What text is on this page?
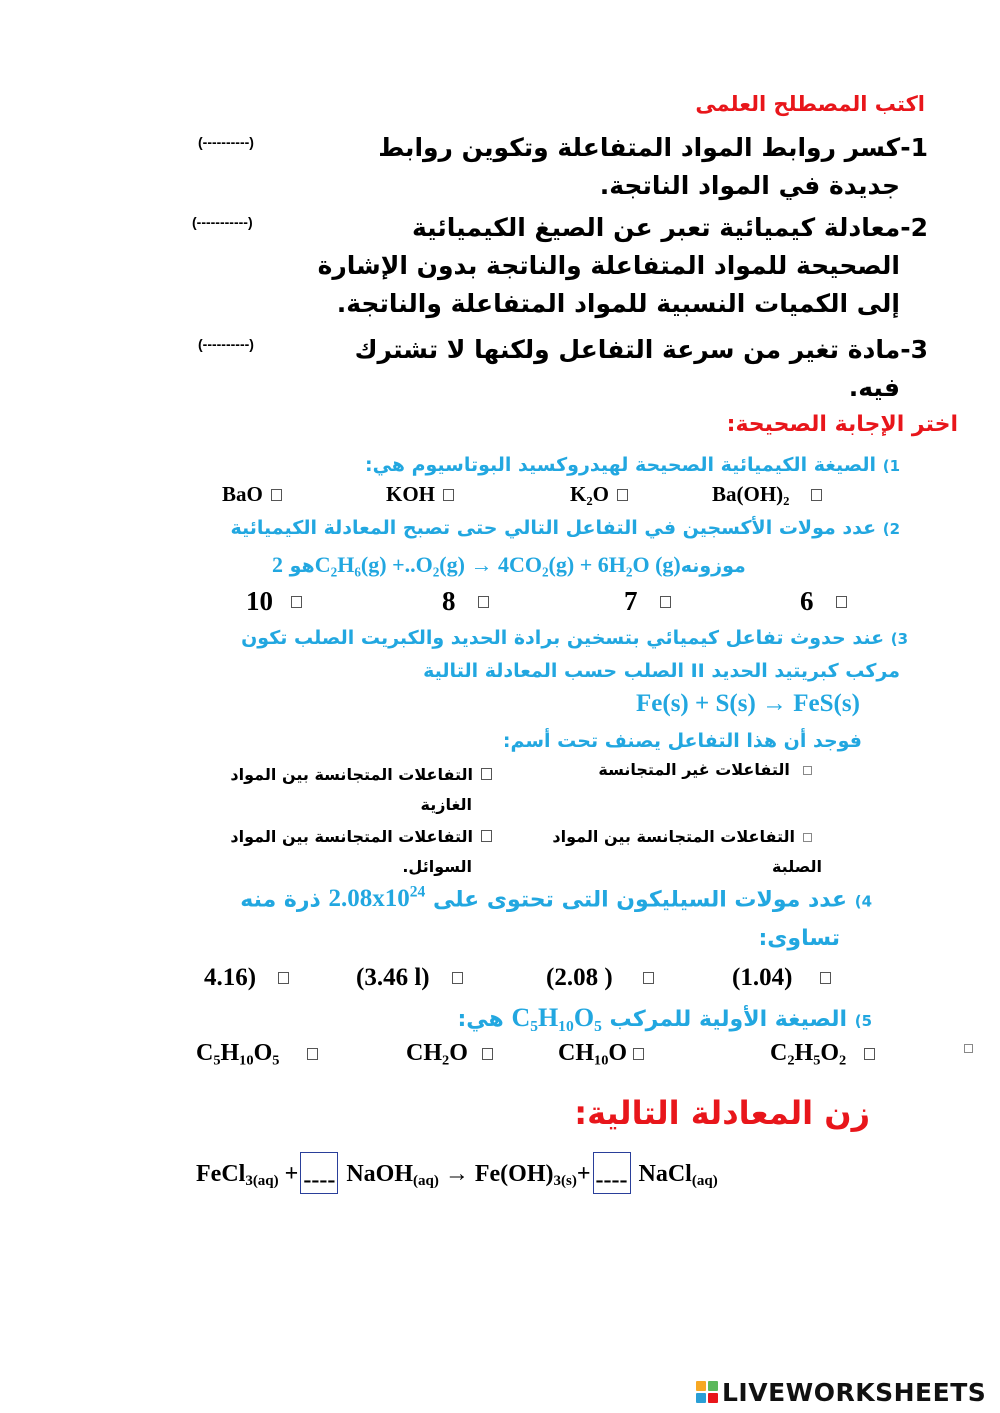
اكتب المصطلح العلمى
1-كسر روابط المواد المتفاعلة وتكوين روابط
جديدة في المواد الناتجة.
(----------)
2-معادلة كيميائية تعبر عن الصيغ الكيميائية
الصحيحة للمواد المتفاعلة والناتجة بدون الإشارة
إلى الكميات النسبية للمواد المتفاعلة والناتجة.
(-----------)
3-مادة تغير من سرعة التفاعل ولكنها لا تشترك
فيه.
(----------)
اختر الإجابة الصحيحة:
1) الصيغة الكيميائية الصحيحة لهيدروكسيد البوتاسيوم هي:
BaO	KOH	K₂O	Ba(OH)₂
2) عدد مولات الأكسجين في التفاعل التالي حتى تصبح المعادلة الكيميائية
هو 2C₂H₆(g) +..O₂(g) → 4CO₂(g) + 6H₂O (g)موزونه
10	8	7	6
3) عند حدوث تفاعل كيميائي بتسخين برادة الحديد والكبريت الصلب تكون
مركب كبريتيد الحديد II الصلب حسب المعادلة التالية
Fe(s) + S(s) → FeS(s)
فوجد أن هذا التفاعل يصنف تحت أسم:
التفاعلات غير المتجانسة
التفاعلات المتجانسة بين المواد
الصلبة
التفاعلات المتجانسة بين المواد
الغازية
التفاعلات المتجانسة بين المواد
السوائل.
4) عدد مولات السيليكون التى تحتوى على $2.08x10^{24}$ ذرة منه
تساوى:
4.16)	(3.46 l)	(2.08 )	(1.04)
5) الصيغة الأولية للمركب C₅H₁₀O₅ هي:
C₅H₁₀O₅	CH₂O	CH₁₀O	C₂H₅O₂
زن المعادلة التالية:
FeCl$_{3(aq)}$ + ---- NaOH$_{(aq)}$ → $Fe(OH)_{3(s)}+$ ---- NaCl$_{(aq)}$
LIVEWORKSHEETS
